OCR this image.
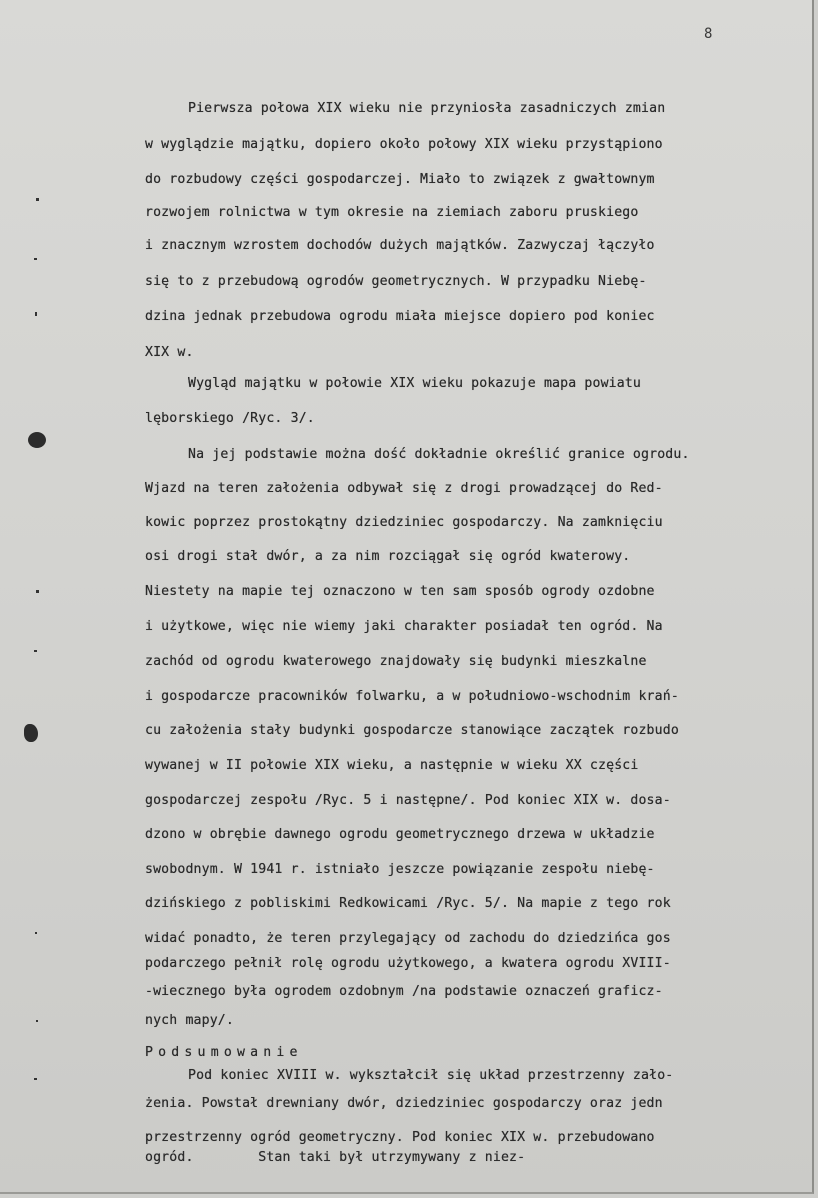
8
Pierwsza połowa XIX wieku nie przyniosła zasadniczych zmian
w wyglądzie majątku, dopiero około połowy XIX wieku przystąpiono
do rozbudowy części gospodarczej. Miało to związek z gwałtownym
rozwojem rolnictwa w tym okresie na ziemiach zaboru pruskiego
i znacznym wzrostem dochodów dużych majątków. Zazwyczaj łączyło
się to z przebudową ogrodów geometrycznych. W przypadku Niebę-
dzina jednak przebudowa ogrodu miała miejsce dopiero pod koniec
XIX w.
Wygląd majątku w połowie XIX wieku pokazuje mapa powiatu
lęborskiego /Ryc. 3/.
Na jej podstawie można dość dokładnie określić granice ogrodu.
Wjazd na teren założenia odbywał się z drogi prowadzącej do Red-
kowic poprzez prostokątny dziedziniec gospodarczy. Na zamknięciu
osi drogi stał dwór, a za nim rozciągał się ogród kwaterowy.
Niestety na mapie tej oznaczono w ten sam sposób ogrody ozdobne
i użytkowe, więc nie wiemy jaki charakter posiadał ten ogród. Na
zachód od ogrodu kwaterowego znajdowały się budynki mieszkalne
i gospodarcze pracowników folwarku, a w południowo-wschodnim krań-
cu założenia stały budynki gospodarcze stanowiące zaczątek rozbudo
wywanej w II połowie XIX wieku, a następnie w wieku XX części
gospodarczej zespołu /Ryc. 5 i następne/. Pod koniec XIX w. dosa-
dzono w obrębie dawnego ogrodu geometrycznego drzewa w układzie
swobodnym. W 1941 r. istniało jeszcze powiązanie zespołu niebę-
dzińskiego z pobliskimi Redkowicami /Ryc. 5/. Na mapie z tego rok
widać ponadto, że teren przylegający od zachodu do dziedzińca gos
podarczego pełnił rolę ogrodu użytkowego, a kwatera ogrodu XVIII-
-wiecznego była ogrodem ozdobnym /na podstawie oznaczeń graficz-
nych mapy/.
Podsumowanie
Pod koniec XVIII w. wykształcił się układ przestrzenny zało-
żenia. Powstał drewniany dwór, dziedziniec gospodarczy oraz jedn
przestrzenny ogród geometryczny. Pod koniec XIX w. przebudowano
ogród.        Stan taki był utrzymywany z niez-
